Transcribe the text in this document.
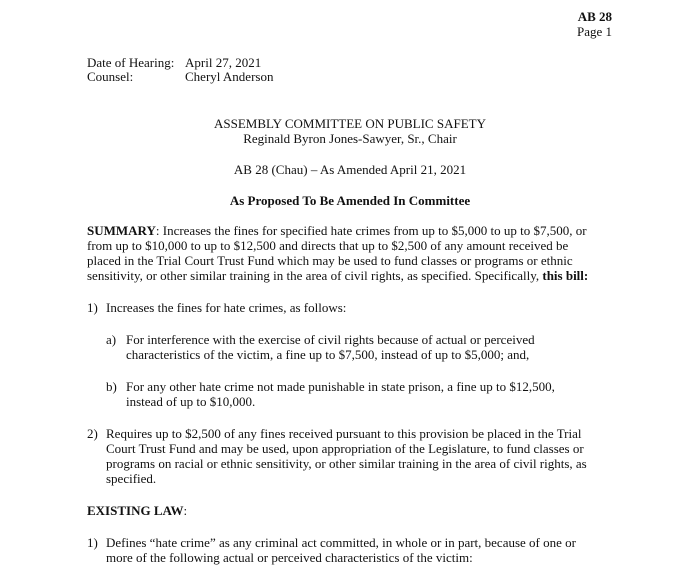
AB 28
Page 1
Date of Hearing: April 27, 2021
Counsel:	Cheryl Anderson
ASSEMBLY COMMITTEE ON PUBLIC SAFETY
Reginald Byron Jones-Sawyer, Sr., Chair
AB 28 (Chau) – As Amended April 21, 2021
As Proposed To Be Amended In Committee
SUMMARY: Increases the fines for specified hate crimes from up to $5,000 to up to $7,500, or
from up to $10,000 to up to $12,500 and directs that up to $2,500 of any amount received be
placed in the Trial Court Trust Fund which may be used to fund classes or programs or ethnic
sensitivity, or other similar training in the area of civil rights, as specified. Specifically, this bill:
1) Increases the fines for hate crimes, as follows:
a) For interference with the exercise of civil rights because of actual or perceived
characteristics of the victim, a fine up to $7,500, instead of up to $5,000; and,
b) For any other hate crime not made punishable in state prison, a fine up to $12,500,
instead of up to $10,000.
2) Requires up to $2,500 of any fines received pursuant to this provision be placed in the Trial
Court Trust Fund and may be used, upon appropriation of the Legislature, to fund classes or
programs on racial or ethnic sensitivity, or other similar training in the area of civil rights, as
specified.
EXISTING LAW:
1) Defines “hate crime” as any criminal act committed, in whole or in part, because of one or
more of the following actual or perceived characteristics of the victim:
